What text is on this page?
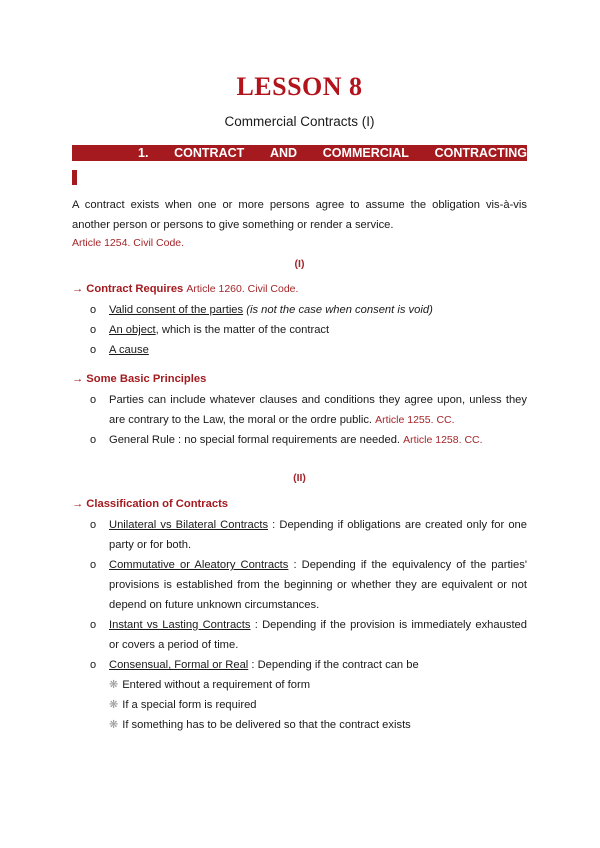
LESSON 8
Commercial Contracts (I)
1. CONTRACT AND COMMERCIAL CONTRACTING
A contract exists when one or more persons agree to assume the obligation vis-à-vis another person or persons to give something or render a service.
Article 1254. Civil Code.
(I)
→ Contract Requires Article 1260. Civil Code.
o Valid consent of the parties (is not the case when consent is void)
o An object, which is the matter of the contract
o A cause
→ Some Basic Principles
o Parties can include whatever clauses and conditions they agree upon, unless they are contrary to the Law, the moral or the ordre public. Article 1255. CC.
o General Rule : no special formal requirements are needed. Article 1258. CC.
(II)
→ Classification of Contracts
o Unilateral vs Bilateral Contracts : Depending if obligations are created only for one party or for both.
o Commutative or Aleatory Contracts : Depending if the equivalency of the parties' provisions is established from the beginning or whether they are equivalent or not depend on future unknown circumstances.
o Instant vs Lasting Contracts : Depending if the provision is immediately exhausted or covers a period of time.
o Consensual, Formal or Real : Depending if the contract can be
❋ Entered without a requirement of form
❋ If a special form is required
❋ If something has to be delivered so that the contract exists
